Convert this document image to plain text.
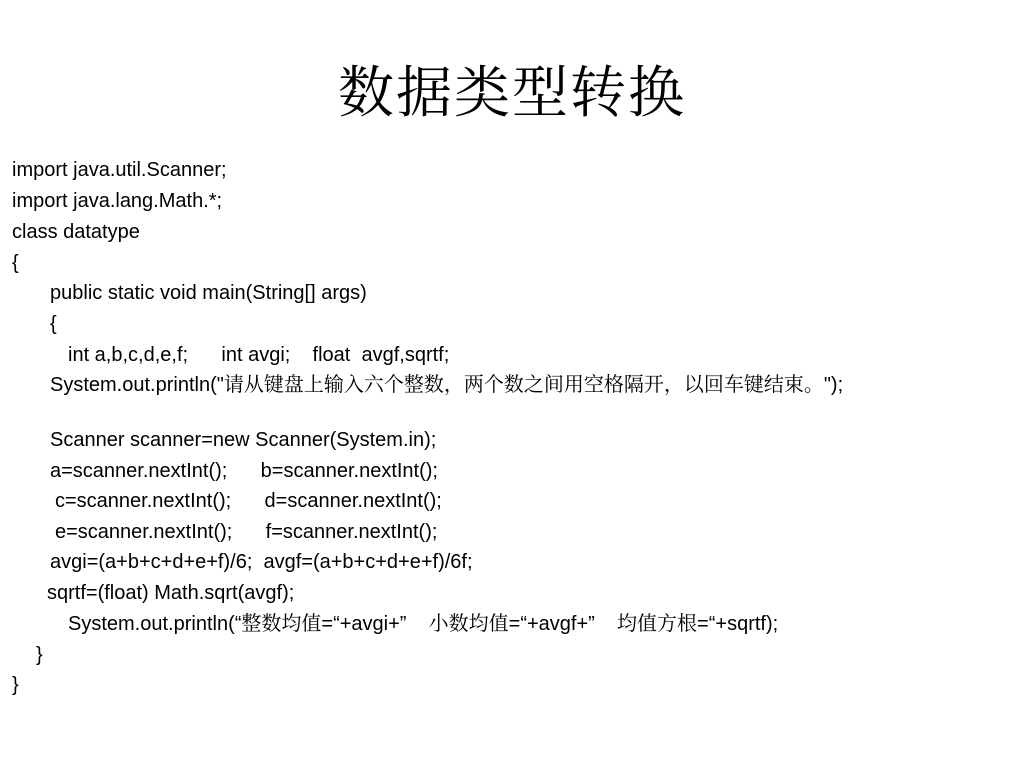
数据类型转换
import java.util.Scanner;
import java.lang.Math.*;
class datatype
{
public static void main(String[] args)
{
int a,b,c,d,e,f;      int avgi;    float  avgf,sqrtf;
System.out.println("请从键盘上输入六个整数，两个数之间用空格隔开，以回车键结束。");
Scanner scanner=new Scanner(System.in);
a=scanner.nextInt();      b=scanner.nextInt();
c=scanner.nextInt();      d=scanner.nextInt();
e=scanner.nextInt();      f=scanner.nextInt();
avgi=(a+b+c+d+e+f)/6;  avgf=(a+b+c+d+e+f)/6f;
sqrtf=(float) Math.sqrt(avgf);
System.out.println(“整数均值=“+avgi+”    小数均值=“+avgf+”    均值方根=“+sqrtf);
}
}
